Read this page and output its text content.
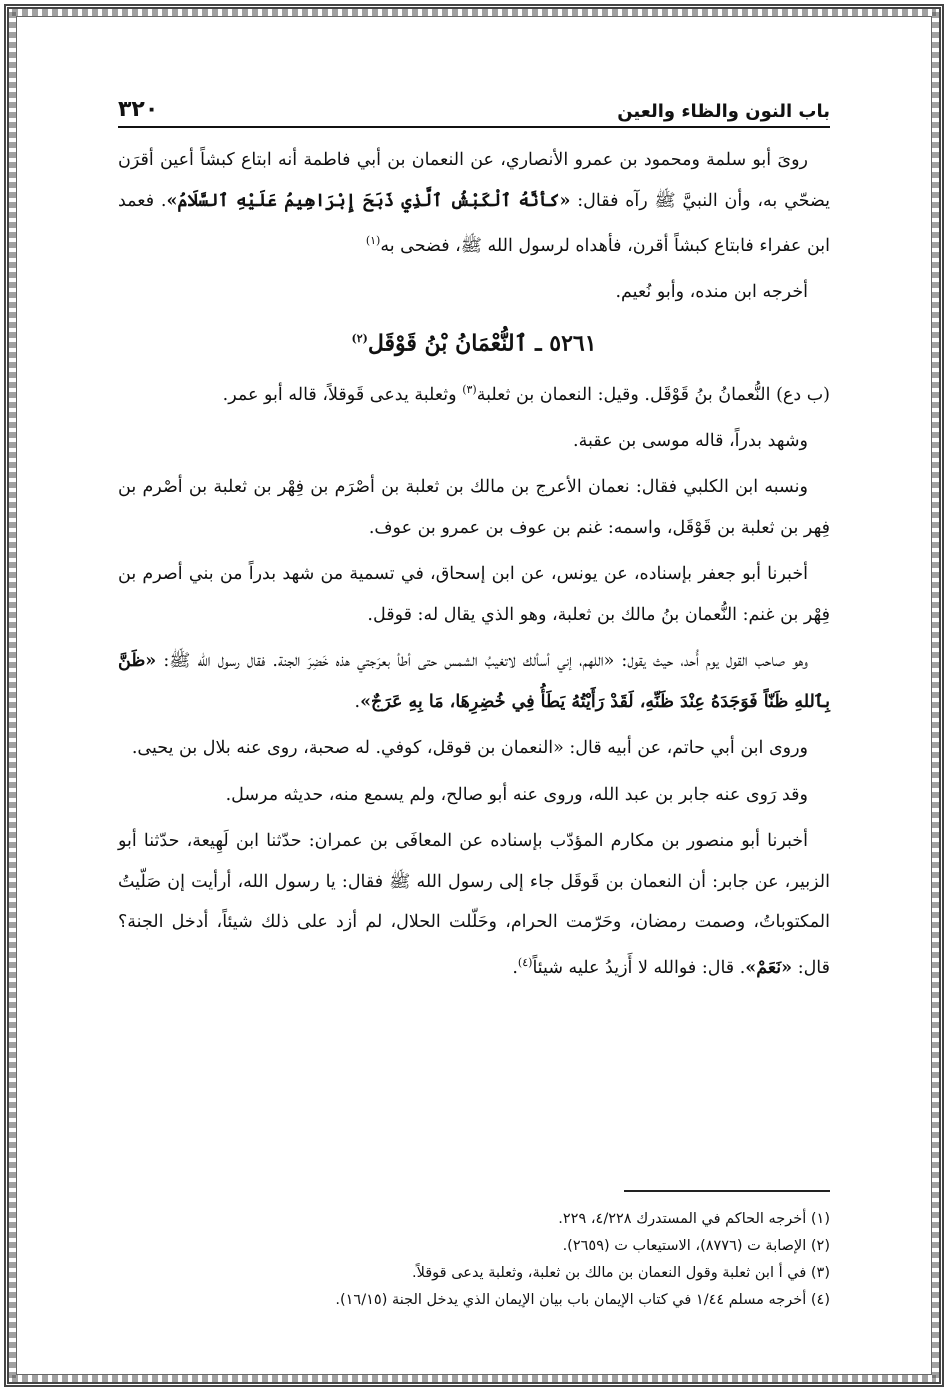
باب النون والظاء والعين
٣٢٠

روىَ أبو سلمة ومحمود بن عمرو الأنصاري، عن النعمان بن أبي فاطمة أنه ابتاع كبشاً أعين أقرَن يضحّي به، وأن النبيَّ ﷺ رآه فقال: «كأنَّهُ ٱلْكَبْشُ ٱلَّذِي ذَبَحَ إِبْرَاهِيمُ عَلَيْهِ ٱلسَّلَامُ». فعمد ابن عفراء فابتاع كبشاً أقرن، فأهداه لرسول الله ﷺ، فضحى به$^{(١)}$

أخرجه ابن منده، وأبو نُعيم.

٥٢٦١ ـ ٱلنُّعْمَانُ بْنُ قَوْقَل$^{(٢)}$

(ب دع) النُّعمانُ بنُ قَوْقَل. وقيل: النعمان بن ثعلبة$^{(٣)}$ وثعلبة يدعى قَوقلاً، قاله أبو عمر.

وشهد بدراً، قاله موسى بن عقبة.

ونسبه ابن الكلبي فقال: نعمان الأعرج بن مالك بن ثعلبة بن أصْرَم بن فِهْر بن ثعلبة بن أصْرم بن فِهر بن ثعلبة بن قَوْقَل، واسمه: غنم بن عوف بن عمرو بن عوف.

أخبرنا أبو جعفر بإسناده، عن يونس، عن ابن إسحاق، في تسمية من شهد بدراً من بني أصرم بن فِهْر بن غنم: النُّعمان بنُ مالك بن ثعلبة، وهو الذي يقال له: قوقل.

وهو صاحب القول يوم أُحد، حيث يقول: «اللهم، إني أسألك لاتغيبُ الشمس حتى أطأ بعرَجتي هذه خَضِرَ الجنة. فقال رسول الله ﷺ: «ظَنَّ بِٱللهِ ظَنّاً فَوَجَدَهُ عِنْدَ ظَنِّهِ، لَقَدْ رَأَيْتُهُ يَطَأُ فِي خُضِرِهَا، مَا بِهِ عَرَجٌ».

وروى ابن أبي حاتم، عن أبيه قال: «النعمان بن قوقل، كوفي. له صحبة، روى عنه بلال بن يحيى.

وقد رَوى عنه جابر بن عبد الله، وروى عنه أبو صالح، ولم يسمع منه، حديثه مرسل.

أخبرنا أبو منصور بن مكارم المؤدّب بإسناده عن المعافَى بن عمران: حدّثنا ابن لَهِيعة، حدّثنا أبو الزبير، عن جابر: أن النعمان بن قَوقَل جاء إلى رسول الله ﷺ فقال: يا رسول الله، أرأيت إن صَلّيتُ المكتوباتُ، وصمت رمضان، وحَرّمت الحرام، وحَلّلت الحلال، لم أزد على ذلك شيئاً، أدخل الجنة؟ قال: «نَعَمْ». قال: فوالله لا أَزيدُ عليه شيئاً$^{(٤)}$.

(١) أخرجه الحاكم في المستدرك ٤/٢٢٨، ٢٢٩.
(٢) الإصابة ت (٨٧٧٦)، الاستيعاب ت (٢٦٥٩).
(٣) في أ ابن ثعلبة وقول النعمان بن مالك بن ثعلبة، وثعلبة يدعى قوقلاً.
(٤) أخرجه مسلم ١/٤٤ في كتاب الإيمان باب بيان الإيمان الذي يدخل الجنة (١٦/١٥).
